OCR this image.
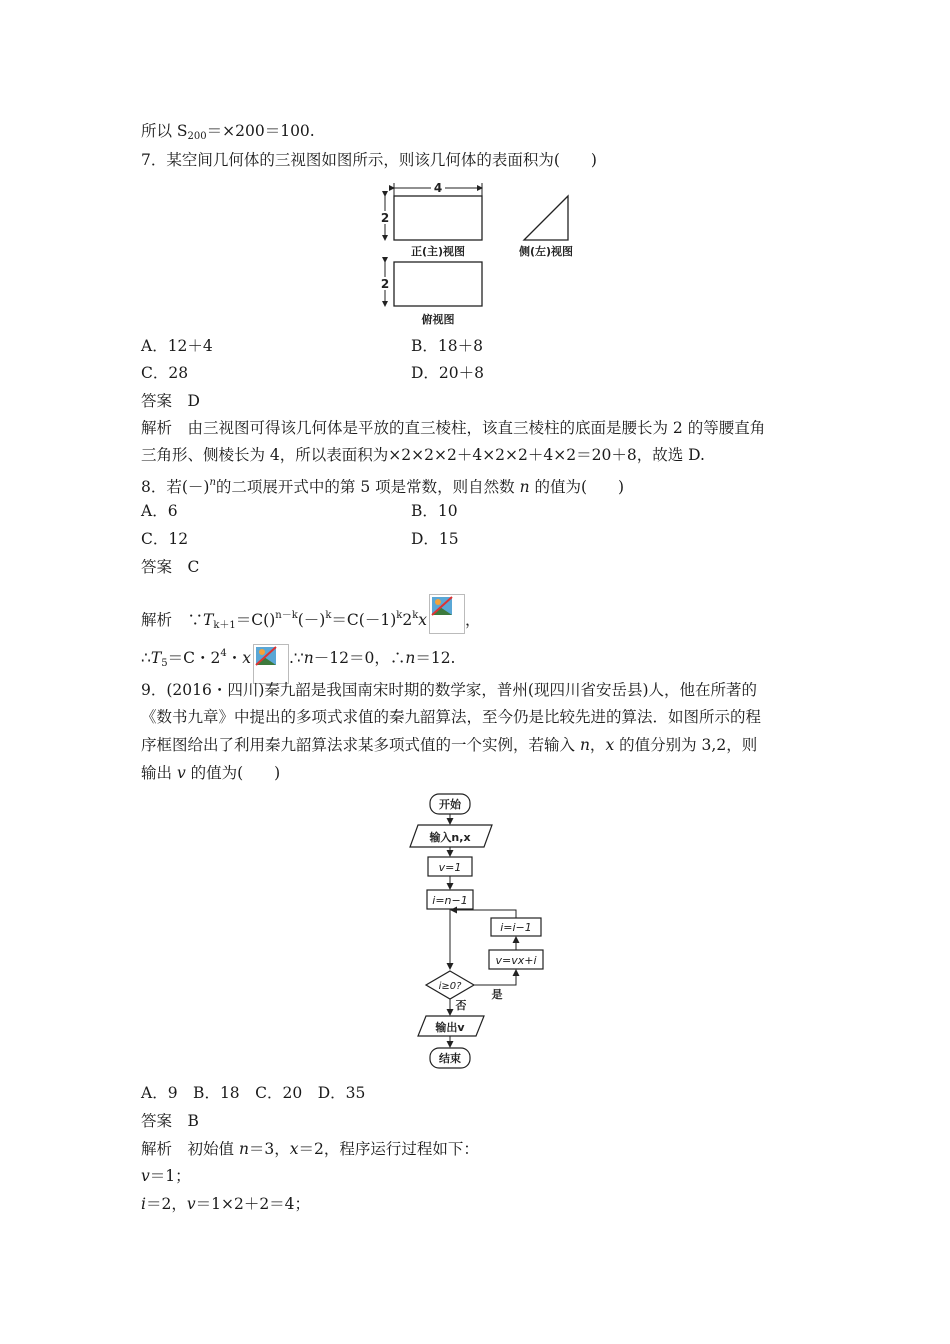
所以 $S_{200}=\times 200=100$.
7．某空间几何体的三视图如图所示，则该几何体的表面积为(　　)
4
2
正(主)视图	侧(左)视图
2
俯视图
A．12＋4	B．18＋8
C．28	D．20＋8
答案　D
解析　由三视图可得该几何体是平放的直三棱柱，该直三棱柱的底面是腰长为 2 的等腰直角
三角形、侧棱长为 4，所以表面积为×2×2×2＋4×2×2＋4×2＝20＋8，故选 D.
8．若$(-)^n$的二项展开式中的第 5 项是常数，则自然数 n 的值为(　　)
A．6	B．10
C．12	D．15
答案　C
解析　$\because T_{k+1}=C()^{n-k}(-)^k=C(-1)^k2^kx$ ，
$\therefore T_5=C$・$2^4$・x .∵n－12＝0，∴n＝12.
9．(2016・四川)秦九韶是我国南宋时期的数学家，普州(现四川省安岳县)人，他在所著的
《数书九章》中提出的多项式求值的秦九韶算法，至今仍是比较先进的算法．如图所示的程
序框图给出了利用秦九韶算法求某多项式值的一个实例，若输入 n，x 的值分别为 3,2，则
输出 v 的值为(　　)
开始
输入n,x
v=1
i=n−1
i=i−1
v=vx+i
i≥0?
是
否
输出v
结束
A．9　B．18　C．20　D．35
答案　B
解析　初始值 n＝3，x＝2，程序运行过程如下：
v＝1；
i＝2，v＝1×2＋2＝4；
